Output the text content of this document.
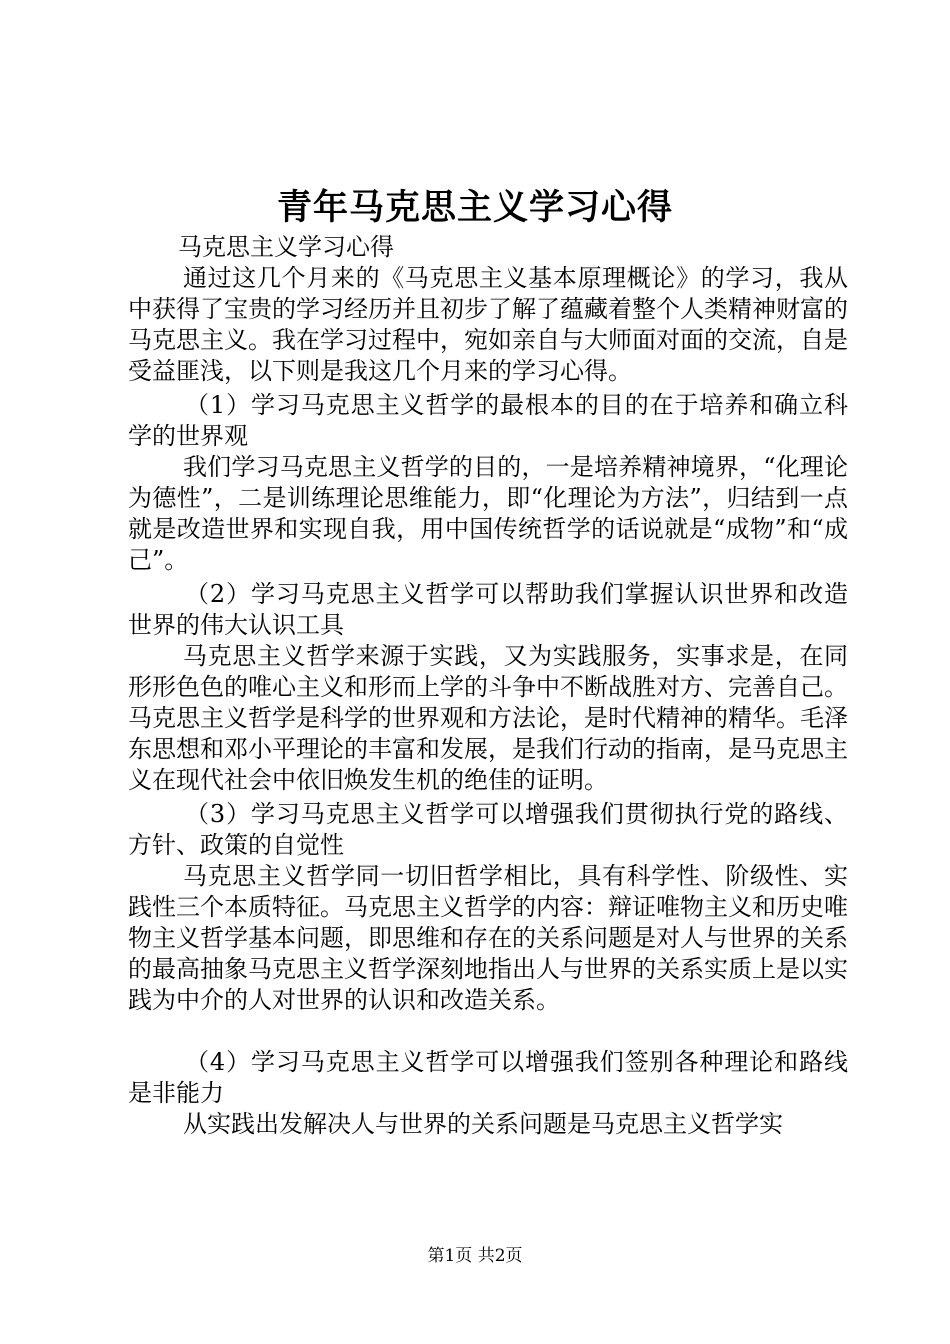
青年马克思主义学习心得

马克思主义学习心得

通过这几个月来的《马克思主义基本原理概论》的学习，我从中获得了宝贵的学习经历并且初步了解了蕴藏着整个人类精神财富的马克思主义。我在学习过程中，宛如亲自与大师面对面的交流，自是受益匪浅，以下则是我这几个月来的学习心得。

（1）学习马克思主义哲学的最根本的目的在于培养和确立科学的世界观

我们学习马克思主义哲学的目的，一是培养精神境界，“化理论为德性”，二是训练理论思维能力，即“化理论为方法”，归结到一点就是改造世界和实现自我，用中国传统哲学的话说就是“成物”和“成己”。

（2）学习马克思主义哲学可以帮助我们掌握认识世界和改造世界的伟大认识工具

马克思主义哲学来源于实践，又为实践服务，实事求是，在同形形色色的唯心主义和形而上学的斗争中不断战胜对方、完善自己。马克思主义哲学是科学的世界观和方法论，是时代精神的精华。毛泽东思想和邓小平理论的丰富和发展，是我们行动的指南，是马克思主义在现代社会中依旧焕发生机的绝佳的证明。

（3）学习马克思主义哲学可以增强我们贯彻执行党的路线、方针、政策的自觉性

马克思主义哲学同一切旧哲学相比，具有科学性、阶级性、实践性三个本质特征。马克思主义哲学的内容：辩证唯物主义和历史唯物主义哲学基本问题，即思维和存在的关系问题是对人与世界的关系的最高抽象马克思主义哲学深刻地指出人与世界的关系实质上是以实践为中介的人对世界的认识和改造关系。

（4）学习马克思主义哲学可以增强我们签别各种理论和路线是非能力

从实践出发解决人与世界的关系问题是马克思主义哲学实

第1页 共2页
